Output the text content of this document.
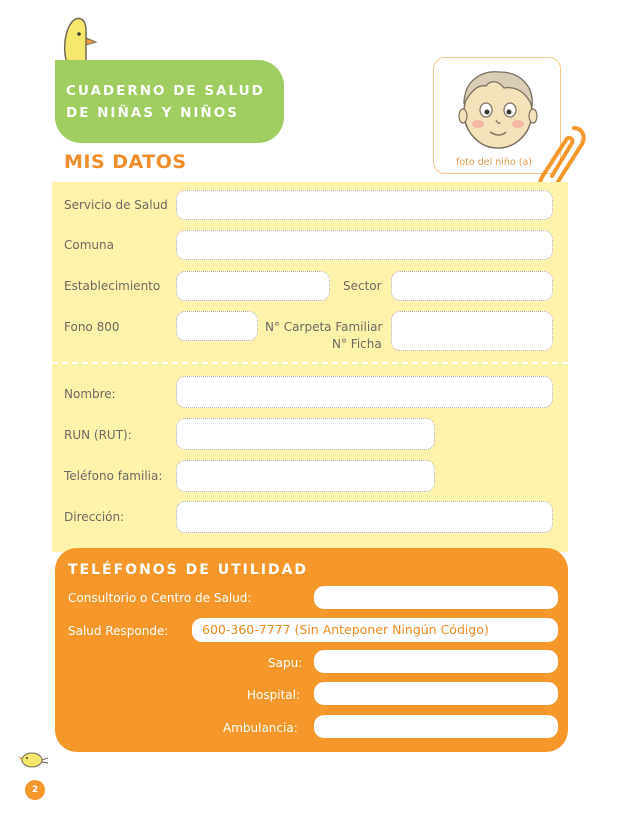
CUADERNO DE SALUD
DE NIÑAS Y NIÑOS
MIS DATOS	foto del niño (a)
Servicio de Salud
Comuna
Establecimiento	Sector
Fono 800	N° Carpeta Familiar
N° Ficha
Nombre:
RUN (RUT):
Teléfono familia:
Dirección:
TELÉFONOS DE UTILIDAD
Consultorio o Centro de Salud:
Salud Responde:	600-360-7777 (Sin Anteponer Ningún Código)
Sapu:
Hospital:
Ambulancia:
2
